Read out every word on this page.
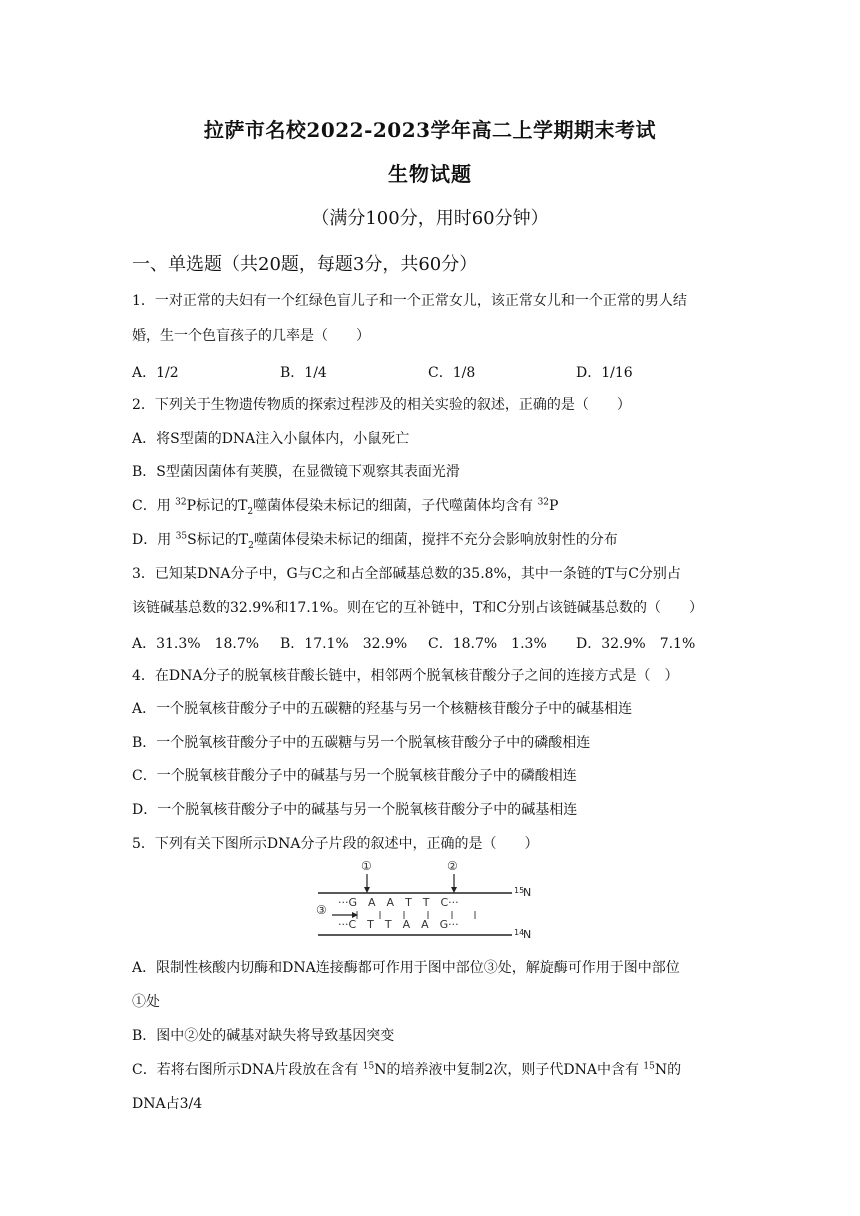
拉萨市名校2022-2023学年高二上学期期末考试
生物试题
（满分100分，用时60分钟）
一、单选题（共20题，每题3分，共60分）
1．一对正常的夫妇有一个红绿色盲儿子和一个正常女儿，该正常女儿和一个正常的男人结
婚，生一个色盲孩子的几率是（　　）
A．1/2	B．1/4	C．1/8	D．1/16
2．下列关于生物遗传物质的探索过程涉及的相关实验的叙述，正确的是（　　）
A．将S型菌的DNA注入小鼠体内，小鼠死亡
B．S型菌因菌体有荚膜，在显微镜下观察其表面光滑
C．用 $^{32}$P标记的$T_2$噬菌体侵染未标记的细菌，子代噬菌体均含有 $^{32}$P
D．用 $^{35}$S标记的$T_2$噬菌体侵染未标记的细菌，搅拌不充分会影响放射性的分布
3．已知某DNA分子中，G与C之和占全部碱基总数的35.8%，其中一条链的T与C分别占
该链碱基总数的32.9%和17.1%。则在它的互补链中，T和C分别占该链碱基总数的（　　）
A．31.3%　18.7% B．17.1%　32.9% C．18.7%　1.3% D．32.9%　7.1%
4．在DNA分子的脱氧核苷酸长链中，相邻两个脱氧核苷酸分子之间的连接方式是（　）
A．一个脱氧核苷酸分子中的五碳糖的羟基与另一个核糖核苷酸分子中的碱基相连
B．一个脱氧核苷酸分子中的五碳糖与另一个脱氧核苷酸分子中的磷酸相连
C．一个脱氧核苷酸分子中的碱基与另一个脱氧核苷酸分子中的磷酸相连
D．一个脱氧核苷酸分子中的碱基与另一个脱氧核苷酸分子中的碱基相连
5．下列有关下图所示DNA分子片段的叙述中，正确的是（　　）
①	②
③
15
N
···G　A　A　T　T　C···
···C　T　T　A　A　G···
14
N
A．限制性核酸内切酶和DNA连接酶都可作用于图中部位③处，解旋酶可作用于图中部位
①处
B．图中②处的碱基对缺失将导致基因突变
C．若将右图所示DNA片段放在含有 $^{15}$N的培养液中复制2次，则子代DNA中含有 $^{15}$N的
DNA占3/4
